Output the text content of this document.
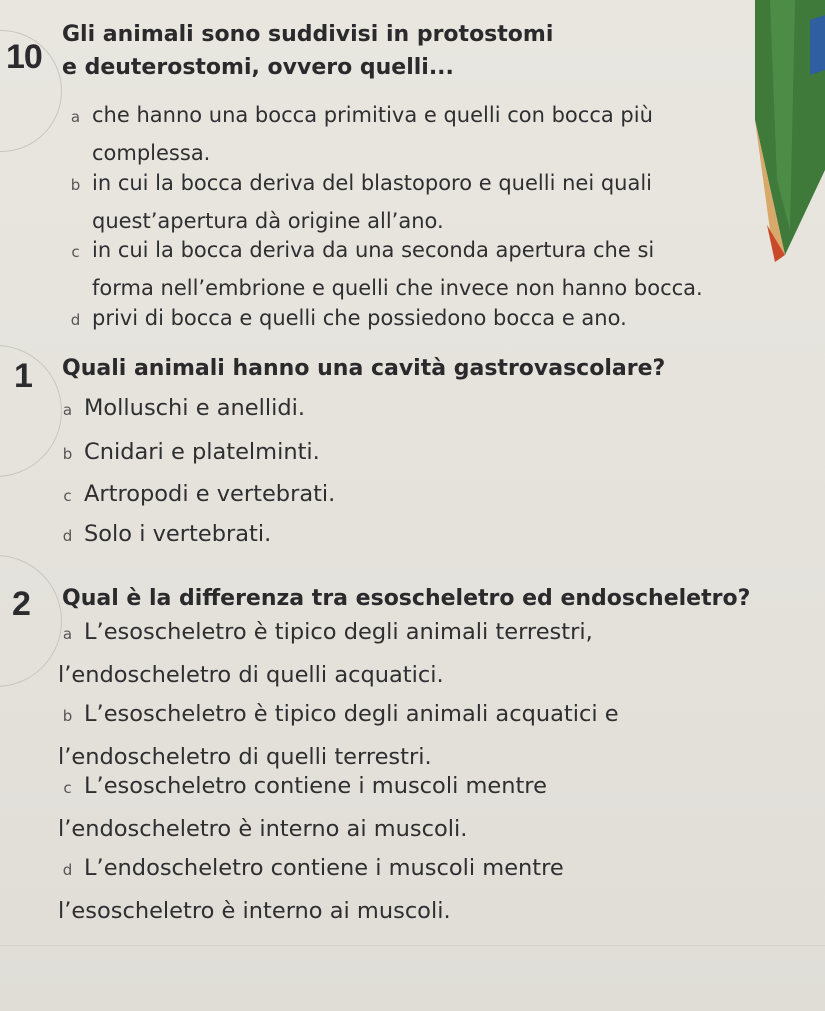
10
Gli animali sono suddivisi in protostomi
e deuterostomi, ovvero quelli...
a che hanno una bocca primitiva e quelli con bocca più
complessa.
b in cui la bocca deriva del blastoporo e quelli nei quali
quest’apertura dà origine all’ano.
c in cui la bocca deriva da una seconda apertura che si
forma nell’embrione e quelli che invece non hanno bocca.
d privi di bocca e quelli che possiedono bocca e ano.
1 Quali animali hanno una cavità gastrovascolare?
a Molluschi e anellidi.
b Cnidari e platelminti.
c Artropodi e vertebrati.
d Solo i vertebrati.
2 Qual è la differenza tra esoscheletro ed endoscheletro?
a L’esoscheletro è tipico degli animali terrestri,
l’endoscheletro di quelli acquatici.
b L’esoscheletro è tipico degli animali acquatici e
l’endoscheletro di quelli terrestri.
c L’esoscheletro contiene i muscoli mentre
l’endoscheletro è interno ai muscoli.
d L’endoscheletro contiene i muscoli mentre
l’esoscheletro è interno ai muscoli.
